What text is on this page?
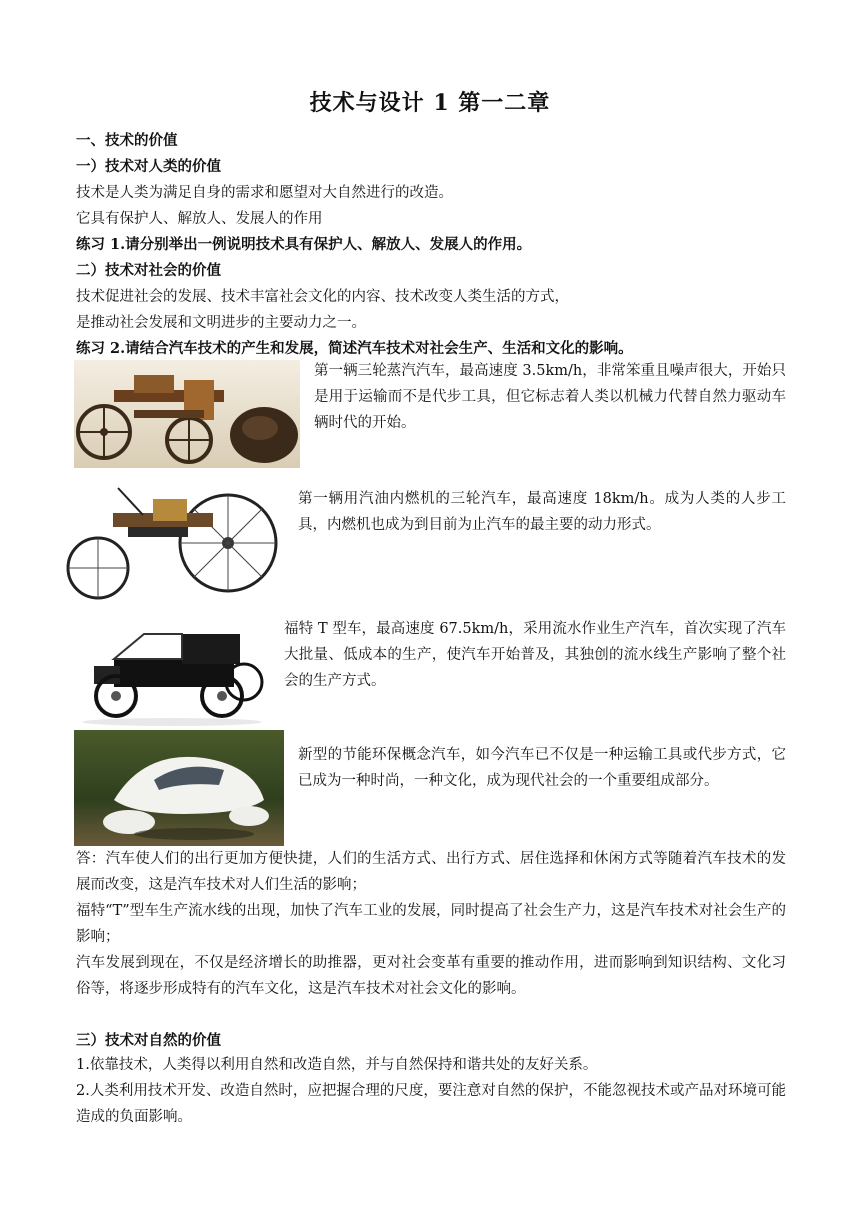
技术与设计 1 第一二章
一、技术的价值
一）技术对人类的价值
技术是人类为满足自身的需求和愿望对大自然进行的改造。
它具有保护人、解放人、发展人的作用
练习 1.请分别举出一例说明技术具有保护人、解放人、发展人的作用。
二）技术对社会的价值
技术促进社会的发展、技术丰富社会文化的内容、技术改变人类生活的方式，
是推动社会发展和文明进步的主要动力之一。
练习 2.请结合汽车技术的产生和发展，简述汽车技术对社会生产、生活和文化的影响。
第一辆三轮蒸汽汽车，最高速度 3.5km/h，非常笨重且噪声很大，开始只是用于运输而不是代步工具，但它标志着人类以机械力代替自然力驱动车辆时代的开始。
第一辆用汽油内燃机的三轮汽车，最高速度 18km/h。成为人类的人步工具，内燃机也成为到目前为止汽车的最主要的动力形式。
福特 T 型车，最高速度 67.5km/h，采用流水作业生产汽车，首次实现了汽车大批量、低成本的生产，使汽车开始普及，其独创的流水线生产影响了整个社会的生产方式。
新型的节能环保概念汽车，如今汽车已不仅是一种运输工具或代步方式，它已成为一种时尚，一种文化，成为现代社会的一个重要组成部分。
答：汽车使人们的出行更加方便快捷，人们的生活方式、出行方式、居住选择和休闲方式等随着汽车技术的发展而改变，这是汽车技术对人们生活的影响；
福特“T”型车生产流水线的出现，加快了汽车工业的发展，同时提高了社会生产力，这是汽车技术对社会生产的影响；
汽车发展到现在，不仅是经济增长的助推器，更对社会变革有重要的推动作用，进而影响到知识结构、文化习俗等，将逐步形成特有的汽车文化，这是汽车技术对社会文化的影响。
三）技术对自然的价值
1.依靠技术，人类得以利用自然和改造自然，并与自然保持和谐共处的友好关系。
2.人类利用技术开发、改造自然时，应把握合理的尺度，要注意对自然的保护，不能忽视技术或产品对环境可能造成的负面影响。
